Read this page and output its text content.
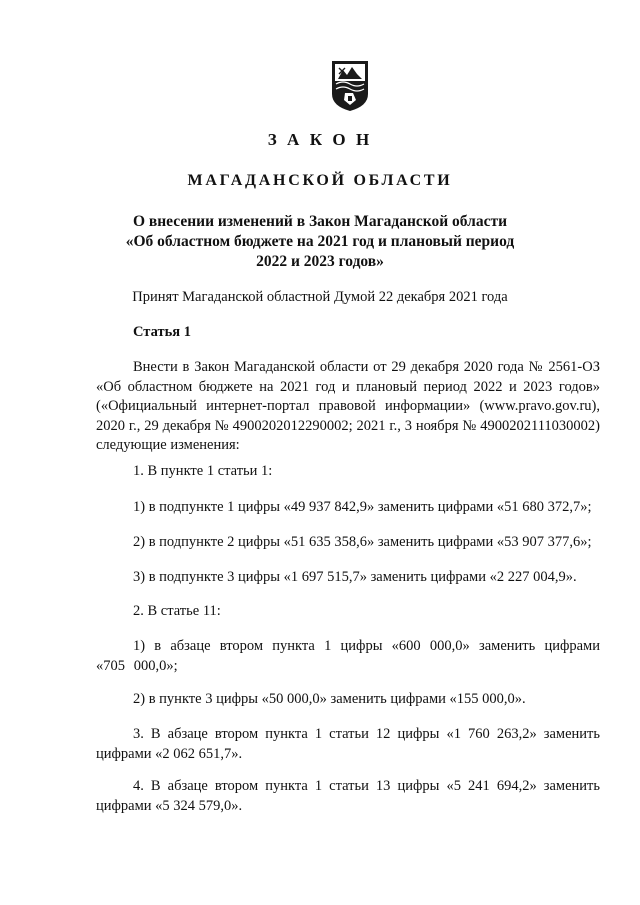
З А К О Н
МАГАДАНСКОЙ ОБЛАСТИ
О внесении изменений в Закон Магаданской области
«Об областном бюджете на 2021 год и плановый период
2022 и 2023 годов»
Принят Магаданской областной Думой 22 декабря 2021 года
Статья 1
Внести в Закон Магаданской области от 29 декабря 2020 года № 2561-ОЗ «Об областном бюджете на 2021 год и плановый период 2022 и 2023 годов» («Официальный интернет-портал правовой информации» (www.pravo.gov.ru), 2020 г., 29 декабря № 4900202012290002; 2021 г., 3 ноября № 4900202111030002) следующие изменения:
1. В пункте 1 статьи 1:
1) в подпункте 1 цифры «49 937 842,9» заменить цифрами «51 680 372,7»;
2) в подпункте 2 цифры «51 635 358,6» заменить цифрами «53 907 377,6»;
3) в подпункте 3 цифры «1 697 515,7» заменить цифрами «2 227 004,9».
2. В статье 11:
1) в абзаце втором пункта 1 цифры «600 000,0» заменить цифрами «705 000,0»;
2) в пункте 3 цифры «50 000,0» заменить цифрами «155 000,0».
3. В абзаце втором пункта 1 статьи 12 цифры «1 760 263,2» заменить цифрами «2 062 651,7».
4. В абзаце втором пункта 1 статьи 13 цифры «5 241 694,2» заменить цифрами «5 324 579,0».
